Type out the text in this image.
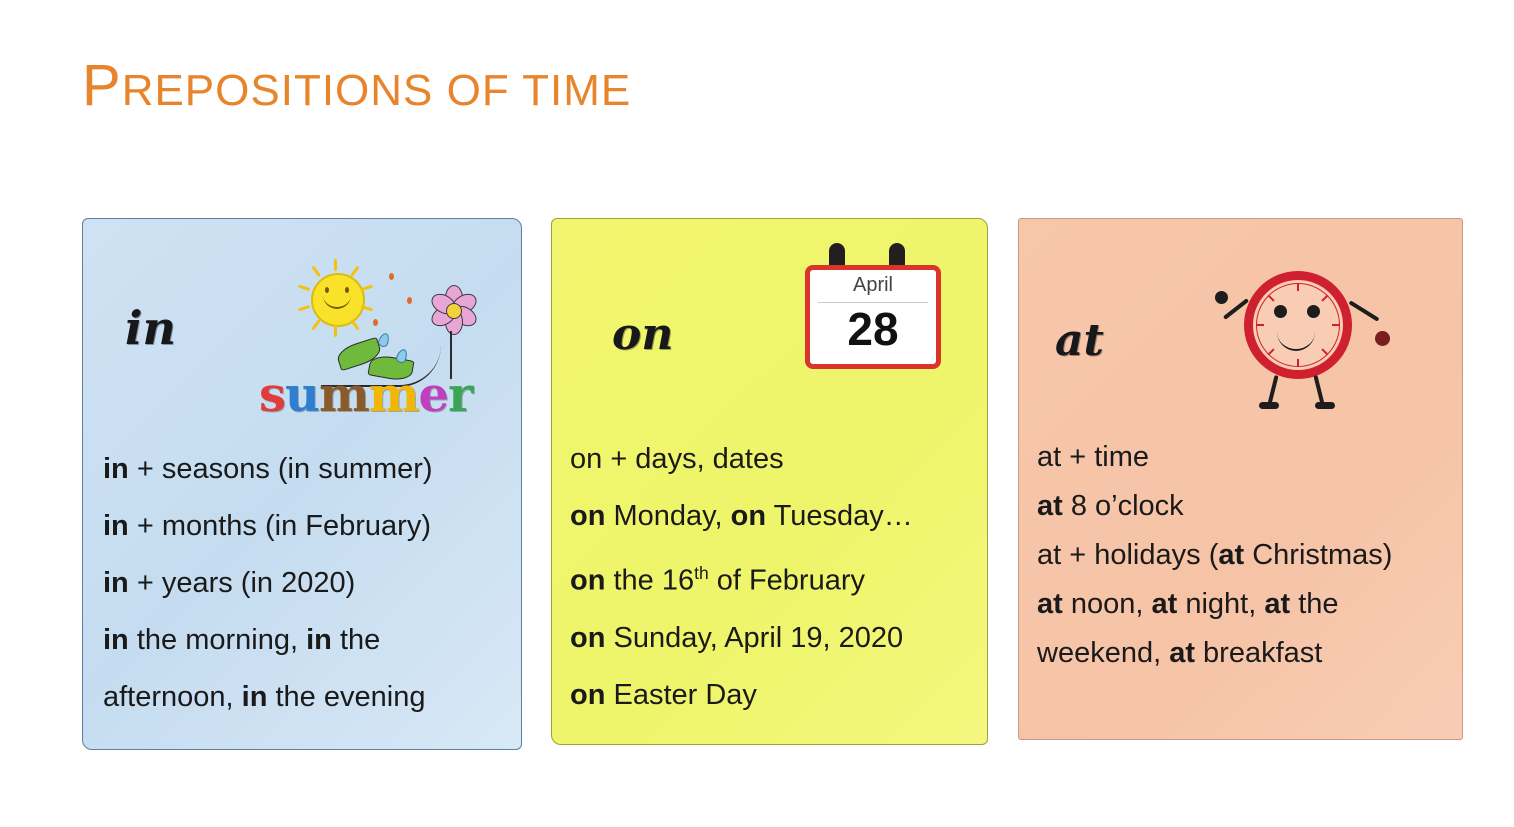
PREPOSITIONS OF TIME
in
summer
in + seasons (in summer)
in + months (in February)
in + years (in 2020)
in the morning, in the
afternoon, in the evening
on
April
28
on + days, dates
on Monday, on Tuesday…
on the 16th of February
on Sunday, April 19, 2020
on Easter Day
at
at + time
at 8 o’clock
at + holidays (at Christmas)
at noon, at night, at the
weekend, at breakfast
